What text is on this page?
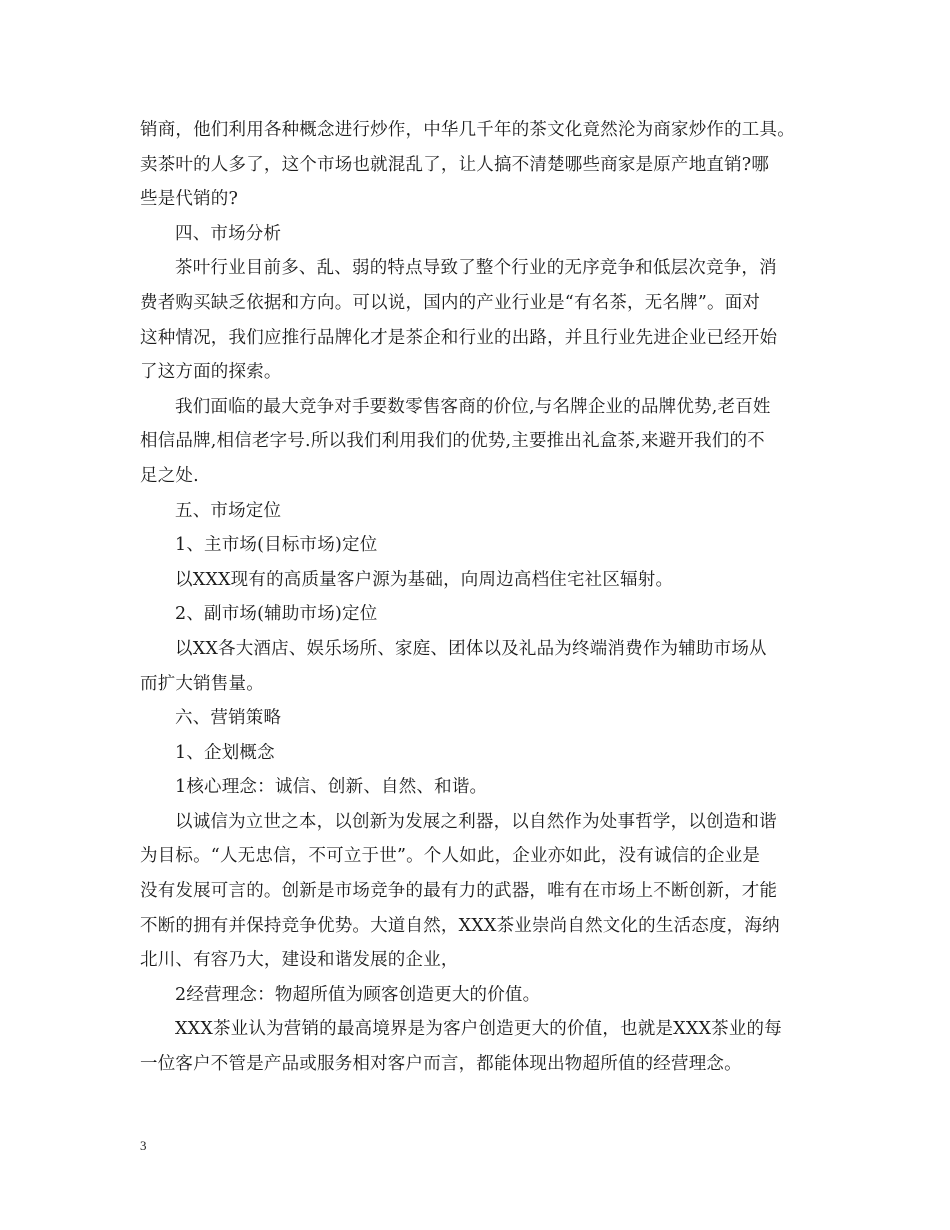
销商，他们利用各种概念进行炒作，中华几千年的茶文化竟然沦为商家炒作的工具。
卖茶叶的人多了，这个市场也就混乱了，让人搞不清楚哪些商家是原产地直销?哪
些是代销的?
四、市场分析
茶叶行业目前多、乱、弱的特点导致了整个行业的无序竞争和低层次竞争，消
费者购买缺乏依据和方向。可以说，国内的产业行业是“有名茶，无名牌”。面对
这种情况，我们应推行品牌化才是茶企和行业的出路，并且行业先进企业已经开始
了这方面的探索。
我们面临的最大竞争对手要数零售客商的价位,与名牌企业的品牌优势,老百姓
相信品牌,相信老字号.所以我们利用我们的优势,主要推出礼盒茶,来避开我们的不
足之处.
五、市场定位
1、主市场(目标市场)定位
以XXX现有的高质量客户源为基础，向周边高档住宅社区辐射。
2、副市场(辅助市场)定位
以XX各大酒店、娱乐场所、家庭、团体以及礼品为终端消费作为辅助市场从
而扩大销售量。
六、营销策略
1、企划概念
1核心理念：诚信、创新、自然、和谐。
以诚信为立世之本，以创新为发展之利器，以自然作为处事哲学，以创造和谐
为目标。“人无忠信，不可立于世”。个人如此，企业亦如此，没有诚信的企业是
没有发展可言的。创新是市场竞争的最有力的武器，唯有在市场上不断创新，才能
不断的拥有并保持竞争优势。大道自然，XXX茶业崇尚自然文化的生活态度，海纳
北川、有容乃大，建设和谐发展的企业，
2经营理念：物超所值为顾客创造更大的价值。
XXX茶业认为营销的最高境界是为客户创造更大的价值，也就是XXX茶业的每
一位客户不管是产品或服务相对客户而言，都能体现出物超所值的经营理念。
3
